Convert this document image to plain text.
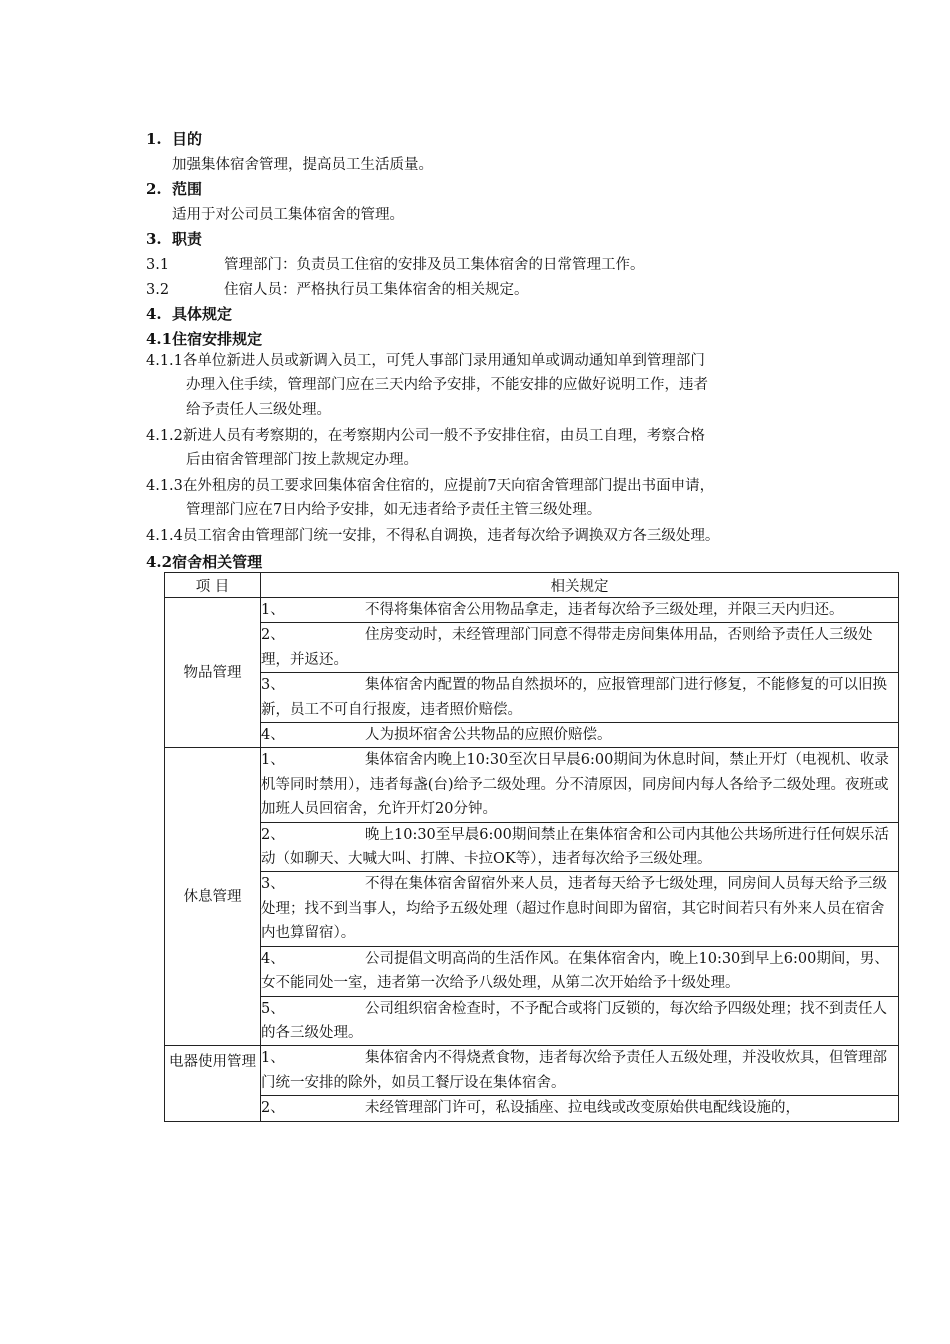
1. 目的
加强集体宿舍管理，提高员工生活质量。
2. 范围
适用于对公司员工集体宿舍的管理。
3. 职责
3.1	管理部门：负责员工住宿的安排及员工集体宿舍的日常管理工作。
3.2	住宿人员：严格执行员工集体宿舍的相关规定。
4. 具体规定
4.1住宿安排规定
4.1.1各单位新进人员或新调入员工，可凭人事部门录用通知单或调动通知单到管理部门
办理入住手续，管理部门应在三天内给予安排，不能安排的应做好说明工作，违者
给予责任人三级处理。
4.1.2新进人员有考察期的，在考察期内公司一般不予安排住宿，由员工自理，考察合格
后由宿舍管理部门按上款规定办理。
4.1.3在外租房的员工要求回集体宿舍住宿的，应提前7天向宿舍管理部门提出书面申请，
管理部门应在7日内给予安排，如无违者给予责任主管三级处理。
4.1.4员工宿舍由管理部门统一安排，不得私自调换，违者每次给予调换双方各三级处理。
4.2宿舍相关管理
项 目	相关规定
物品管理	1、 不得将集体宿舍公用物品拿走，违者每次给予三级处理，并限三天内归还。
	2、 住房变动时，未经管理部门同意不得带走房间集体用品，否则给予责任人三级处理，并返还。
	3、 集体宿舍内配置的物品自然损坏的，应报管理部门进行修复，不能修复的可以旧换新，员工不可自行报废，违者照价赔偿。
	4、 人为损坏宿舍公共物品的应照价赔偿。
休息管理	1、 集体宿舍内晚上10:30至次日早晨6:00期间为休息时间，禁止开灯（电视机、收录机等同时禁用），违者每盏(台)给予二级处理。分不清原因，同房间内每人各给予二级处理。夜班或加班人员回宿舍，允许开灯20分钟。
	2、 晚上10:30至早晨6:00期间禁止在集体宿舍和公司内其他公共场所进行任何娱乐活动（如聊天、大喊大叫、打牌、卡拉OK等），违者每次给予三级处理。
	3、 不得在集体宿舍留宿外来人员，违者每天给予七级处理，同房间人员每天给予三级处理；找不到当事人，均给予五级处理（超过作息时间即为留宿，其它时间若只有外来人员在宿舍内也算留宿）。
	4、 公司提倡文明高尚的生活作风。在集体宿舍内，晚上10:30到早上6:00期间，男、女不能同处一室，违者第一次给予八级处理，从第二次开始给予十级处理。
	5、 公司组织宿舍检查时，不予配合或将门反锁的，每次给予四级处理；找不到责任人的各三级处理。
电器使用管理	1、 集体宿舍内不得烧煮食物，违者每次给予责任人五级处理，并没收炊具，但管理部门统一安排的除外，如员工餐厅设在集体宿舍。
	2、 未经管理部门许可，私设插座、拉电线或改变原始供电配线设施的，
